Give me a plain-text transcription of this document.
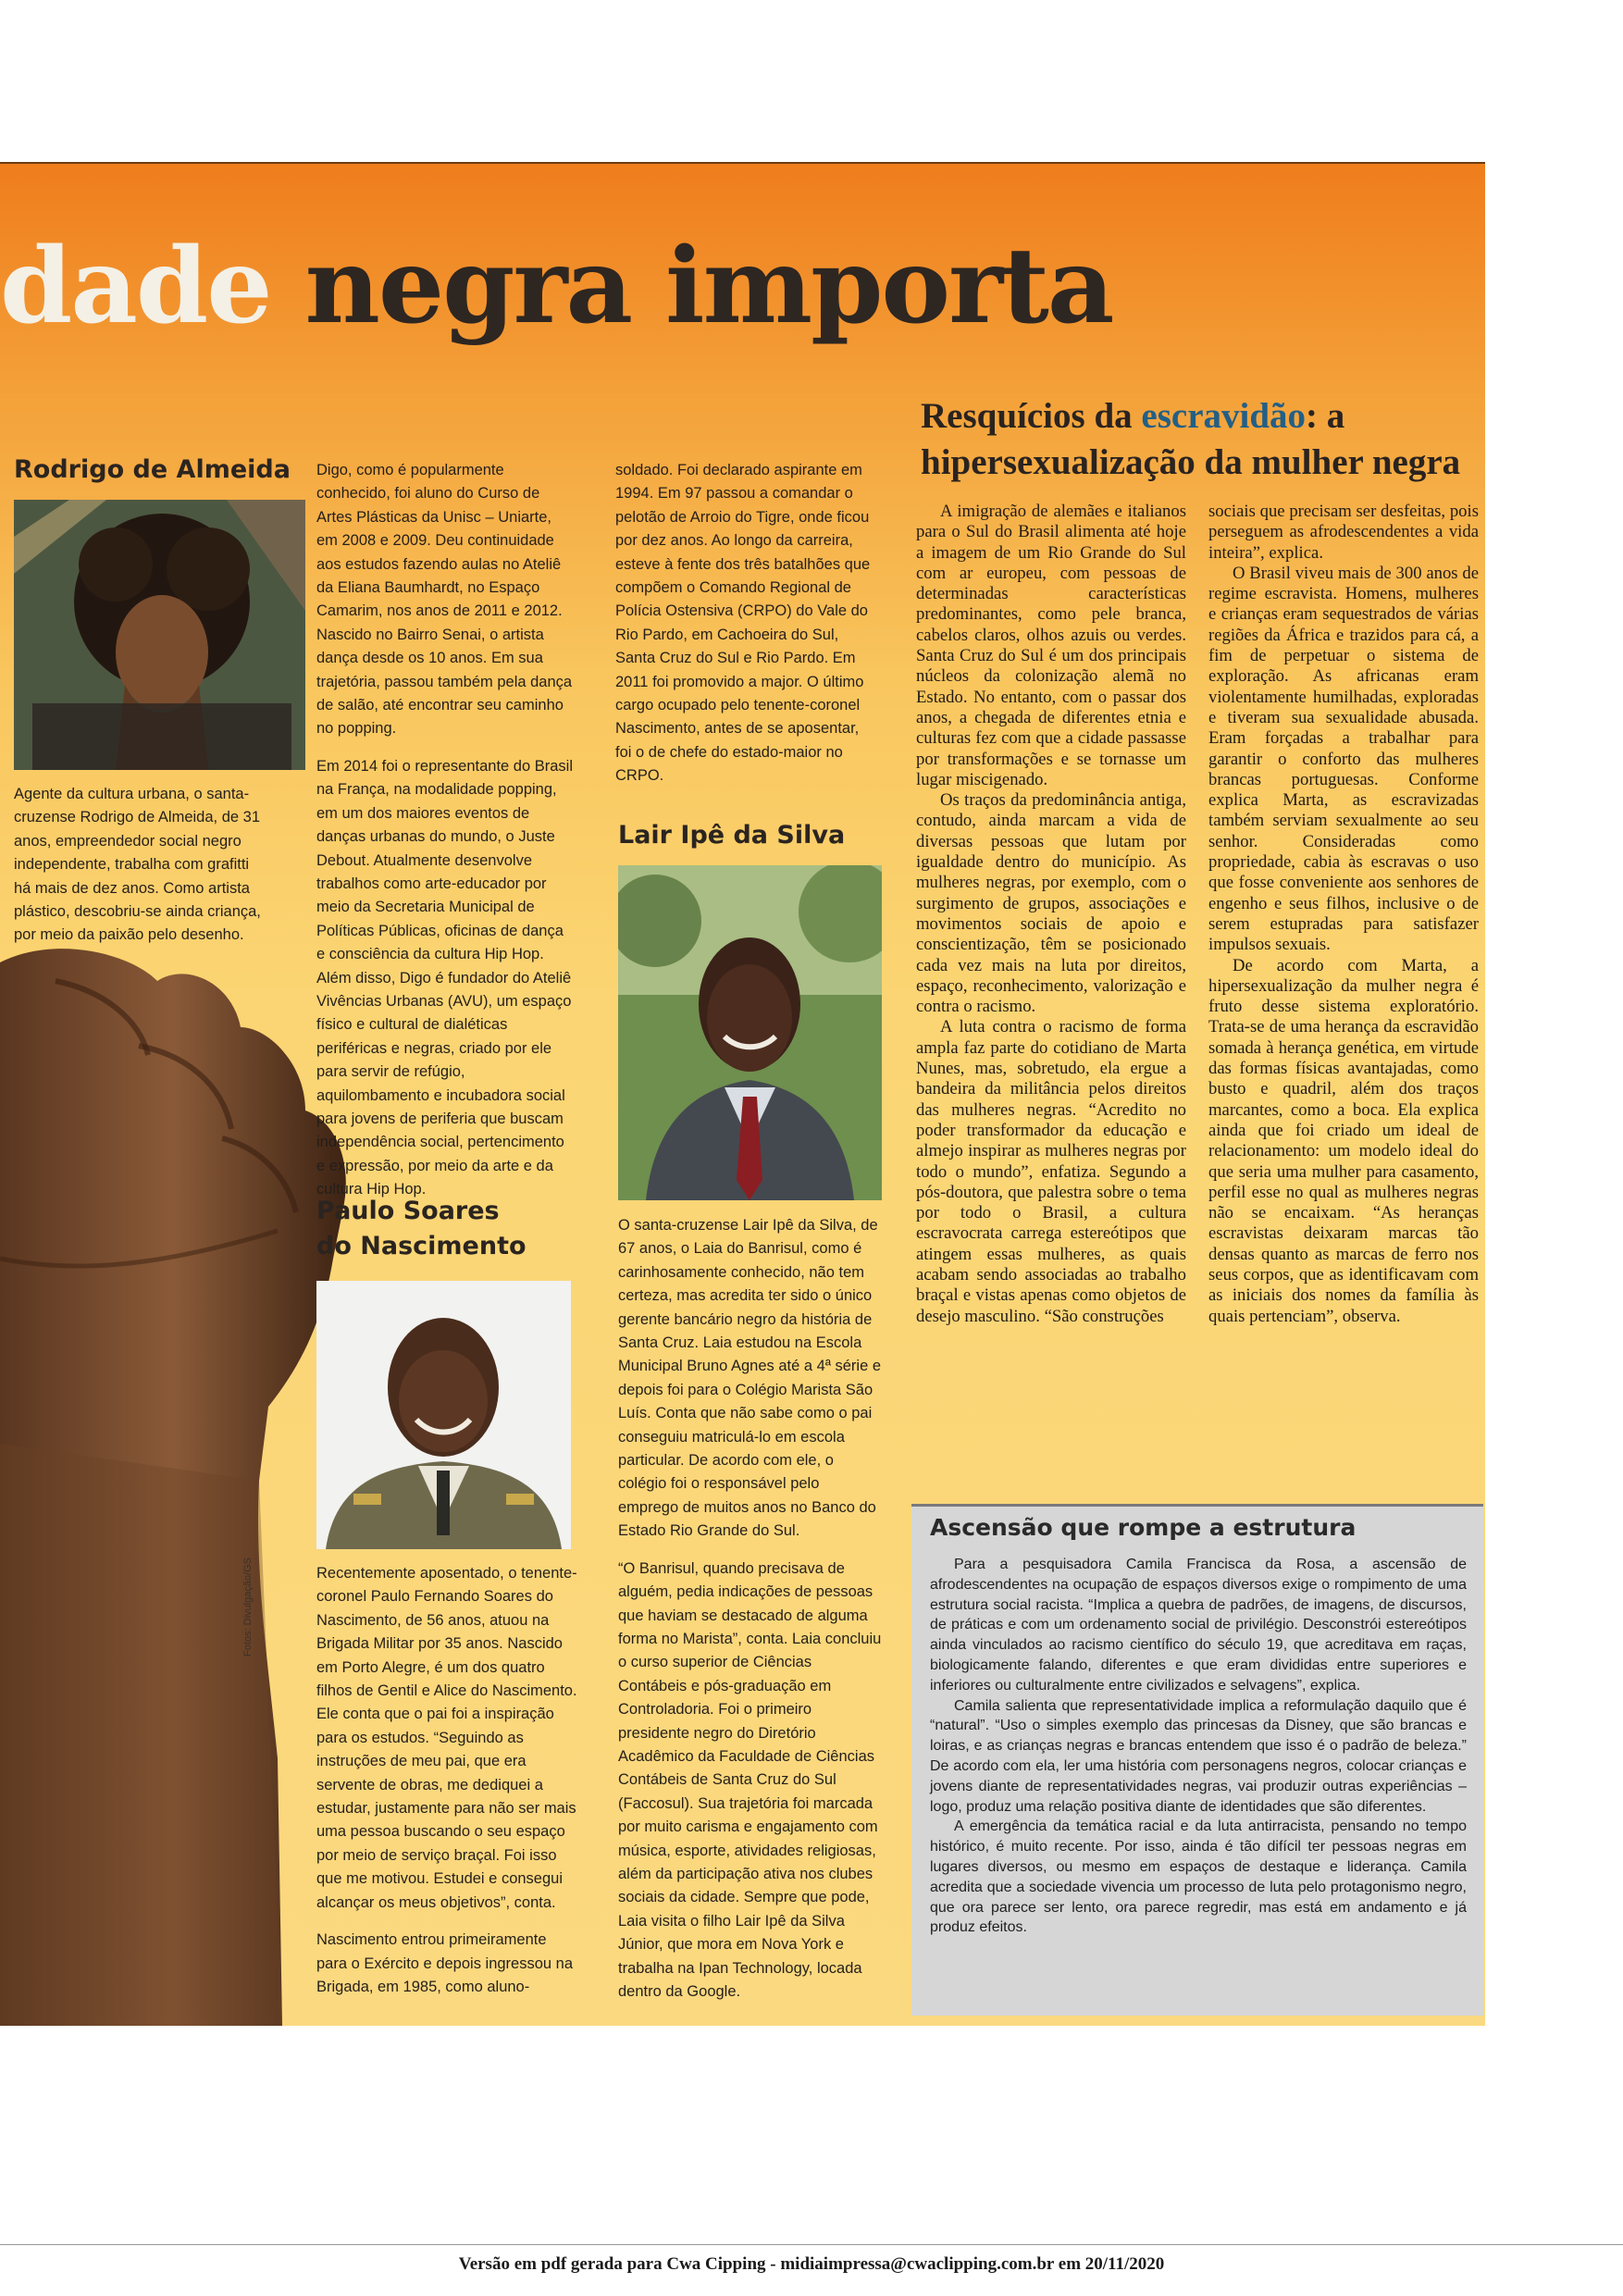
dade negra importa
Fotos: Divulgação/GS
Rodrigo de Almeida

Agente da cultura urbana, o santa-cruzense Rodrigo de Almeida, de 31 anos, empreendedor social negro independente, trabalha com grafitti há mais de dez anos. Como artista plástico, descobriu-se ainda criança, por meio da paixão pelo desenho.

Digo, como é popularmente conhecido, foi aluno do Curso de Artes Plásticas da Unisc – Uniarte, em 2008 e 2009. Deu continuidade aos estudos fazendo aulas no Ateliê da Eliana Baumhardt, no Espaço Camarim, nos anos de 2011 e 2012. Nascido no Bairro Senai, o artista dança desde os 10 anos. Em sua trajetória, passou também pela dança de salão, até encontrar seu caminho no popping.

Em 2014 foi o representante do Brasil na França, na modalidade popping, em um dos maiores eventos de danças urbanas do mundo, o Juste Debout. Atualmente desenvolve trabalhos como arte-educador por meio da Secretaria Municipal de Políticas Públicas, oficinas de dança e consciência da cultura Hip Hop. Além disso, Digo é fundador do Ateliê Vivências Urbanas (AVU), um espaço físico e cultural de dialéticas periféricas e negras, criado por ele para servir de refúgio, aquilombamento e incubadora social para jovens de periferia que buscam independência social, pertencimento e expressão, por meio da arte e da cultura Hip Hop.

Paulo Soares
do Nascimento

Recentemente aposentado, o tenente-coronel Paulo Fernando Soares do Nascimento, de 56 anos, atuou na Brigada Militar por 35 anos. Nascido em Porto Alegre, é um dos quatro filhos de Gentil e Alice do Nascimento. Ele conta que o pai foi a inspiração para os estudos. “Seguindo as instruções de meu pai, que era servente de obras, me dediquei a estudar, justamente para não ser mais uma pessoa buscando o seu espaço por meio de serviço braçal. Foi isso que me motivou. Estudei e consegui alcançar os meus objetivos”, conta.

Nascimento entrou primeiramente para o Exército e depois ingressou na Brigada, em 1985, como aluno-

soldado. Foi declarado aspirante em 1994. Em 97 passou a comandar o pelotão de Arroio do Tigre, onde ficou por dez anos. Ao longo da carreira, esteve à fente dos três batalhões que compõem o Comando Regional de Polícia Ostensiva (CRPO) do Vale do Rio Pardo, em Cachoeira do Sul, Santa Cruz do Sul e Rio Pardo. Em 2011 foi promovido a major. O último cargo ocupado pelo tenente-coronel Nascimento, antes de se aposentar, foi o de chefe do estado-maior no CRPO.

Lair Ipê da Silva

O santa-cruzense Lair Ipê da Silva, de 67 anos, o Laia do Banrisul, como é carinhosamente conhecido, não tem certeza, mas acredita ter sido o único gerente bancário negro da história de Santa Cruz. Laia estudou na Escola Municipal Bruno Agnes até a 4ª série e depois foi para o Colégio Marista São Luís. Conta que não sabe como o pai conseguiu matriculá-lo em escola particular. De acordo com ele, o colégio foi o responsável pelo emprego de muitos anos no Banco do Estado Rio Grande do Sul.

“O Banrisul, quando precisava de alguém, pedia indicações de pessoas que haviam se destacado de alguma forma no Marista”, conta. Laia concluiu o curso superior de Ciências Contábeis e pós-graduação em Controladoria. Foi o primeiro presidente negro do Diretório Acadêmico da Faculdade de Ciências Contábeis de Santa Cruz do Sul (Faccosul). Sua trajetória foi marcada por muito carisma e engajamento com música, esporte, atividades religiosas, além da participação ativa nos clubes sociais da cidade. Sempre que pode, Laia visita o filho Lair Ipê da Silva Júnior, que mora em Nova York e trabalha na Ipan Technology, locada dentro da Google.

Resquícios da escravidão: a hipersexualização da mulher negra

A imigração de alemães e italianos para o Sul do Brasil alimenta até hoje a imagem de um Rio Grande do Sul com ar europeu, com pessoas de determinadas características predominantes, como pele branca, cabelos claros, olhos azuis ou verdes. Santa Cruz do Sul é um dos principais núcleos da colonização alemã no Estado. No entanto, com o passar dos anos, a chegada de diferentes etnia e culturas fez com que a cidade passasse por transformações e se tornasse um lugar miscigenado.

Os traços da predominância antiga, contudo, ainda marcam a vida de diversas pessoas que lutam por igualdade dentro do município. As mulheres negras, por exemplo, com o surgimento de grupos, associações e movimentos sociais de apoio e conscientização, têm se posicionado cada vez mais na luta por direitos, espaço, reconhecimento, valorização e contra o racismo.

A luta contra o racismo de forma ampla faz parte do cotidiano de Marta Nunes, mas, sobretudo, ela ergue a bandeira da militância pelos direitos das mulheres negras. “Acredito no poder transformador da educação e almejo inspirar as mulheres negras por todo o mundo”, enfatiza. Segundo a pós-doutora, que palestra sobre o tema por todo o Brasil, a cultura escravocrata carrega estereótipos que atingem essas mulheres, as quais acabam sendo associadas ao trabalho braçal e vistas apenas como objetos de desejo masculino. “São construções

sociais que precisam ser desfeitas, pois perseguem as afrodescendentes a vida inteira”, explica.

O Brasil viveu mais de 300 anos de regime escravista. Homens, mulheres e crianças eram sequestrados de várias regiões da África e trazidos para cá, a fim de perpetuar o sistema de exploração. As africanas eram violentamente humilhadas, exploradas e tiveram sua sexualidade abusada. Eram forçadas a trabalhar para garantir o conforto das mulheres brancas portuguesas. Conforme explica Marta, as escravizadas também serviam sexualmente ao seu senhor. Consideradas como propriedade, cabia às escravas o uso que fosse conveniente aos senhores de engenho e seus filhos, inclusive o de serem estupradas para satisfazer impulsos sexuais.

De acordo com Marta, a hipersexualização da mulher negra é fruto desse sistema exploratório. Trata-se de uma herança da escravidão somada à herança genética, em virtude das formas físicas avantajadas, como busto e quadril, além dos traços marcantes, como a boca. Ela explica ainda que foi criado um ideal de relacionamento: um modelo ideal do que seria uma mulher para casamento, perfil esse no qual as mulheres negras não se encaixam. “As heranças escravistas deixaram marcas tão densas quanto as marcas de ferro nos seus corpos, que as identificavam com as iniciais dos nomes da família às quais pertenciam”, observa.

Ascensão que rompe a estrutura

Para a pesquisadora Camila Francisca da Rosa, a ascensão de afrodescendentes na ocupação de espaços diversos exige o rompimento de uma estrutura social racista. “Implica a quebra de padrões, de imagens, de discursos, de práticas e com um ordenamento social de privilégio. Desconstrói estereótipos ainda vinculados ao racismo científico do século 19, que acreditava em raças, biologicamente falando, diferentes e que eram divididas entre superiores e inferiores ou culturalmente entre civilizados e selvagens”, explica.

Camila salienta que representatividade implica a reformulação daquilo que é “natural”. “Uso o simples exemplo das princesas da Disney, que são brancas e loiras, e as crianças negras e brancas entendem que isso é o padrão de beleza.” De acordo com ela, ler uma história com personagens negros, colocar crianças e jovens diante de representatividades negras, vai produzir outras experiências – logo, produz uma relação positiva diante de identidades que são diferentes.

A emergência da temática racial e da luta antirracista, pensando no tempo histórico, é muito recente. Por isso, ainda é tão difícil ter pessoas negras em lugares diversos, ou mesmo em espaços de destaque e liderança. Camila acredita que a sociedade vivencia um processo de luta pelo protagonismo negro, que ora parece ser lento, ora parece regredir, mas está em andamento e já produz efeitos.

Versão em pdf gerada para Cwa Cipping - midiaimpressa@cwaclipping.com.br em 20/11/2020
